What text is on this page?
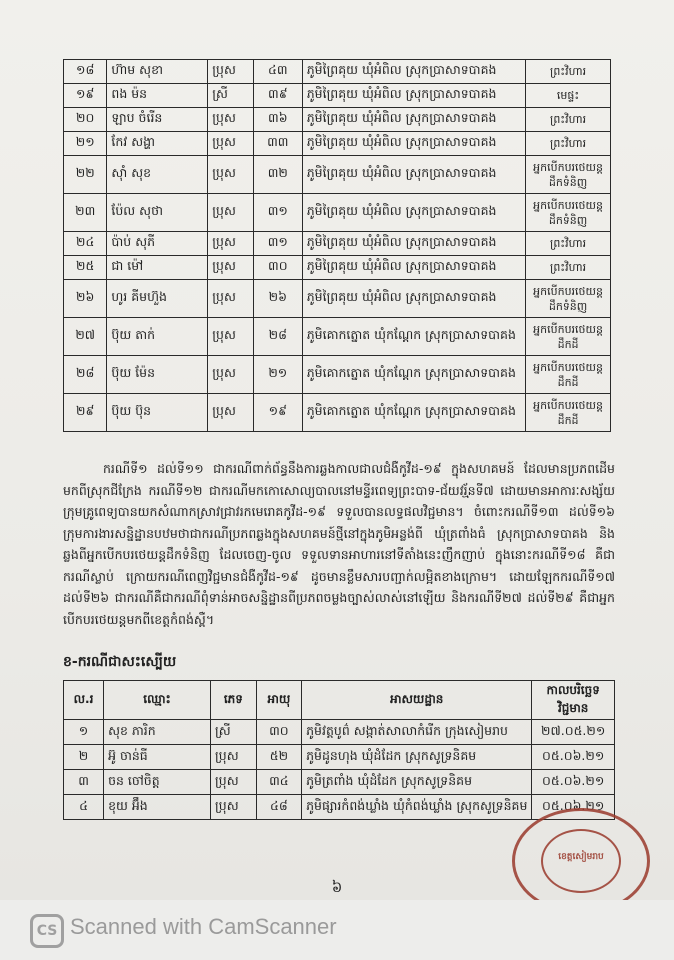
១៨	ហ៊ាម សុខា	ប្រុស	៤៣	ភូមិព្រៃគុយ ឃុំអំពិល ស្រុកប្រាសាទបាគង	ព្រះវិហារ
១៩	ពង ម៉ន	ស្រី	៣៩	ភូមិព្រៃគុយ ឃុំអំពិល ស្រុកប្រាសាទបាគង	មេផ្ទះ
២០	ឡាប ចំរើន	ប្រុស	៣៦	ភូមិព្រៃគុយ ឃុំអំពិល ស្រុកប្រាសាទបាគង	ព្រះវិហារ
២១	កែវ សង្ហា	ប្រុស	៣៣	ភូមិព្រៃគុយ ឃុំអំពិល ស្រុកប្រាសាទបាគង	ព្រះវិហារ
២២	ស៊ាំ សុខ	ប្រុស	៣២	ភូមិព្រៃគុយ ឃុំអំពិល ស្រុកប្រាសាទបាគង	អ្នកបើកបរថេយន្ត ដឹកទំនិញ
២៣	ប៉ែល សុថា	ប្រុស	៣១	ភូមិព្រៃគុយ ឃុំអំពិល ស្រុកប្រាសាទបាគង	អ្នកបើកបរថេយន្ត ដឹកទំនិញ
២៤	ប៉ាប់ សុភី	ប្រុស	៣១	ភូមិព្រៃគុយ ឃុំអំពិល ស្រុកប្រាសាទបាគង	ព្រះវិហារ
២៥	ជា ម៉ៅ	ប្រុស	៣០	ភូមិព្រៃគុយ ឃុំអំពិល ស្រុកប្រាសាទបាគង	ព្រះវិហារ
២៦	ហូរ គីមហ៊ួង	ប្រុស	២៦	ភូមិព្រៃគុយ ឃុំអំពិល ស្រុកប្រាសាទបាគង	អ្នកបើកបរថេយន្ត ដឹកទំនិញ
២៧	ប៊ុយ តាក់	ប្រុស	២៨	ភូមិគោកត្នោត ឃុំកណ្ដែក ស្រុកប្រាសាទបាគង	អ្នកបើកបរថេយន្ត ដឹកដី
២៨	ប៊ុយ ម៉ែន	ប្រុស	២១	ភូមិគោកត្នោត ឃុំកណ្ដែក ស្រុកប្រាសាទបាគង	អ្នកបើកបរថេយន្ត ដឹកដី
២៩	ប៊ុយ ប៊ុន	ប្រុស	១៩	ភូមិគោកត្នោត ឃុំកណ្ដែក ស្រុកប្រាសាទបាគង	អ្នកបើកបរថេយន្ត ដឹកដី
ករណីទី១ ដល់ទី១១ ជាករណីពាក់ព័ន្ធនឹងការឆ្លងកាលជាលជំងឺកូវីដ-១៩ ក្នុងសហគមន៍ ដែលមានប្រភពដើមមកពីស្រុកជីក្រែង ករណីទី១២ ជាករណីមកកោសោល្យបាលនៅមន្ទីរពេទ្យព្រះបាទ-ជ័យវរ្ម័នទី៧ ដោយមានអាការៈសង្ស័យ ក្រុមគ្រូពេទ្យបានយកសំណាកស្រាវជ្រាវរកមេរោគកូវីដ-១៩ ទទួលបានលទ្ធផលវិជ្ជមាន។ ចំពោះករណីទី១៣ ដល់ទី១៦ ក្រុមការងារសន្និដ្ឋានបឋមថាជាករណីប្រភពឆ្លងក្នុងសហគមន៍ថ្មីនៅក្នុងភូមិអន្លង់ពី ឃុំត្រពាំងធំ ស្រុកប្រាសាទបាគង និងឆ្លងពីអ្នកបើកបរថេយន្តដឹកទំនិញ ដែលចេញ-ចូល ទទួលទានអាហារនៅទីតាំងនេះញឹកញាប់ ក្នុងនោះករណីទី១៨ គឺជាករណីស្លាប់ ក្រោយករណីពេញវិជ្ជមានជំងឺកូវីដ-១៩ ដូចមានខ្លឹមសារបញ្ជាក់លម្អិតខាងក្រោម។ ដោយឡែកករណីទី១៧ ដល់ទី២៦ ជាករណីគឺជាករណីពុំទាន់អាចសន្និដ្ឋានពីប្រភពចម្លងច្បាស់លាស់នៅឡើយ និងករណីទី២៧ ដល់ទី២៩ គឺជាអ្នកបើកបរថេយន្តមកពីខេត្តកំពង់ស្ពឺ។
ខ-ករណីជាសះស្បើយ
ល.រ	ឈ្មោះ	ភេទ	អាយុ	អាសយដ្ឋាន	កាលបរិច្ឆេទ វិជ្ជមាន
១	សុខ ភារិក	ស្រី	៣០	ភូមិវត្តបូព៌ សង្កាត់សាលាកំរើក ក្រុងសៀមរាប	២៧.០៥.២១
២	អ៊ូ ចាន់ធី	ប្រុស	៥២	ភូមិដូនហុង ឃុំដំដែក ស្រុកសូទ្រនិគម	០៥.០៦.២១
៣	ចន ចៅចិត្ត	ប្រុស	៣៤	ភូមិត្រពាំង ឃុំដំដែក ស្រុកសូទ្រនិគម	០៥.០៦.២១
៤	ខុយ អ៊ឹង	ប្រុស	៤៨	ភូមិផ្សារកំពង់ឃ្លាំង ឃុំកំពង់ឃ្លាំង ស្រុកសូទ្រនិគម	០៥.០៦.២១
៦
ខេត្តសៀមរាប
CS Scanned with CamScanner
